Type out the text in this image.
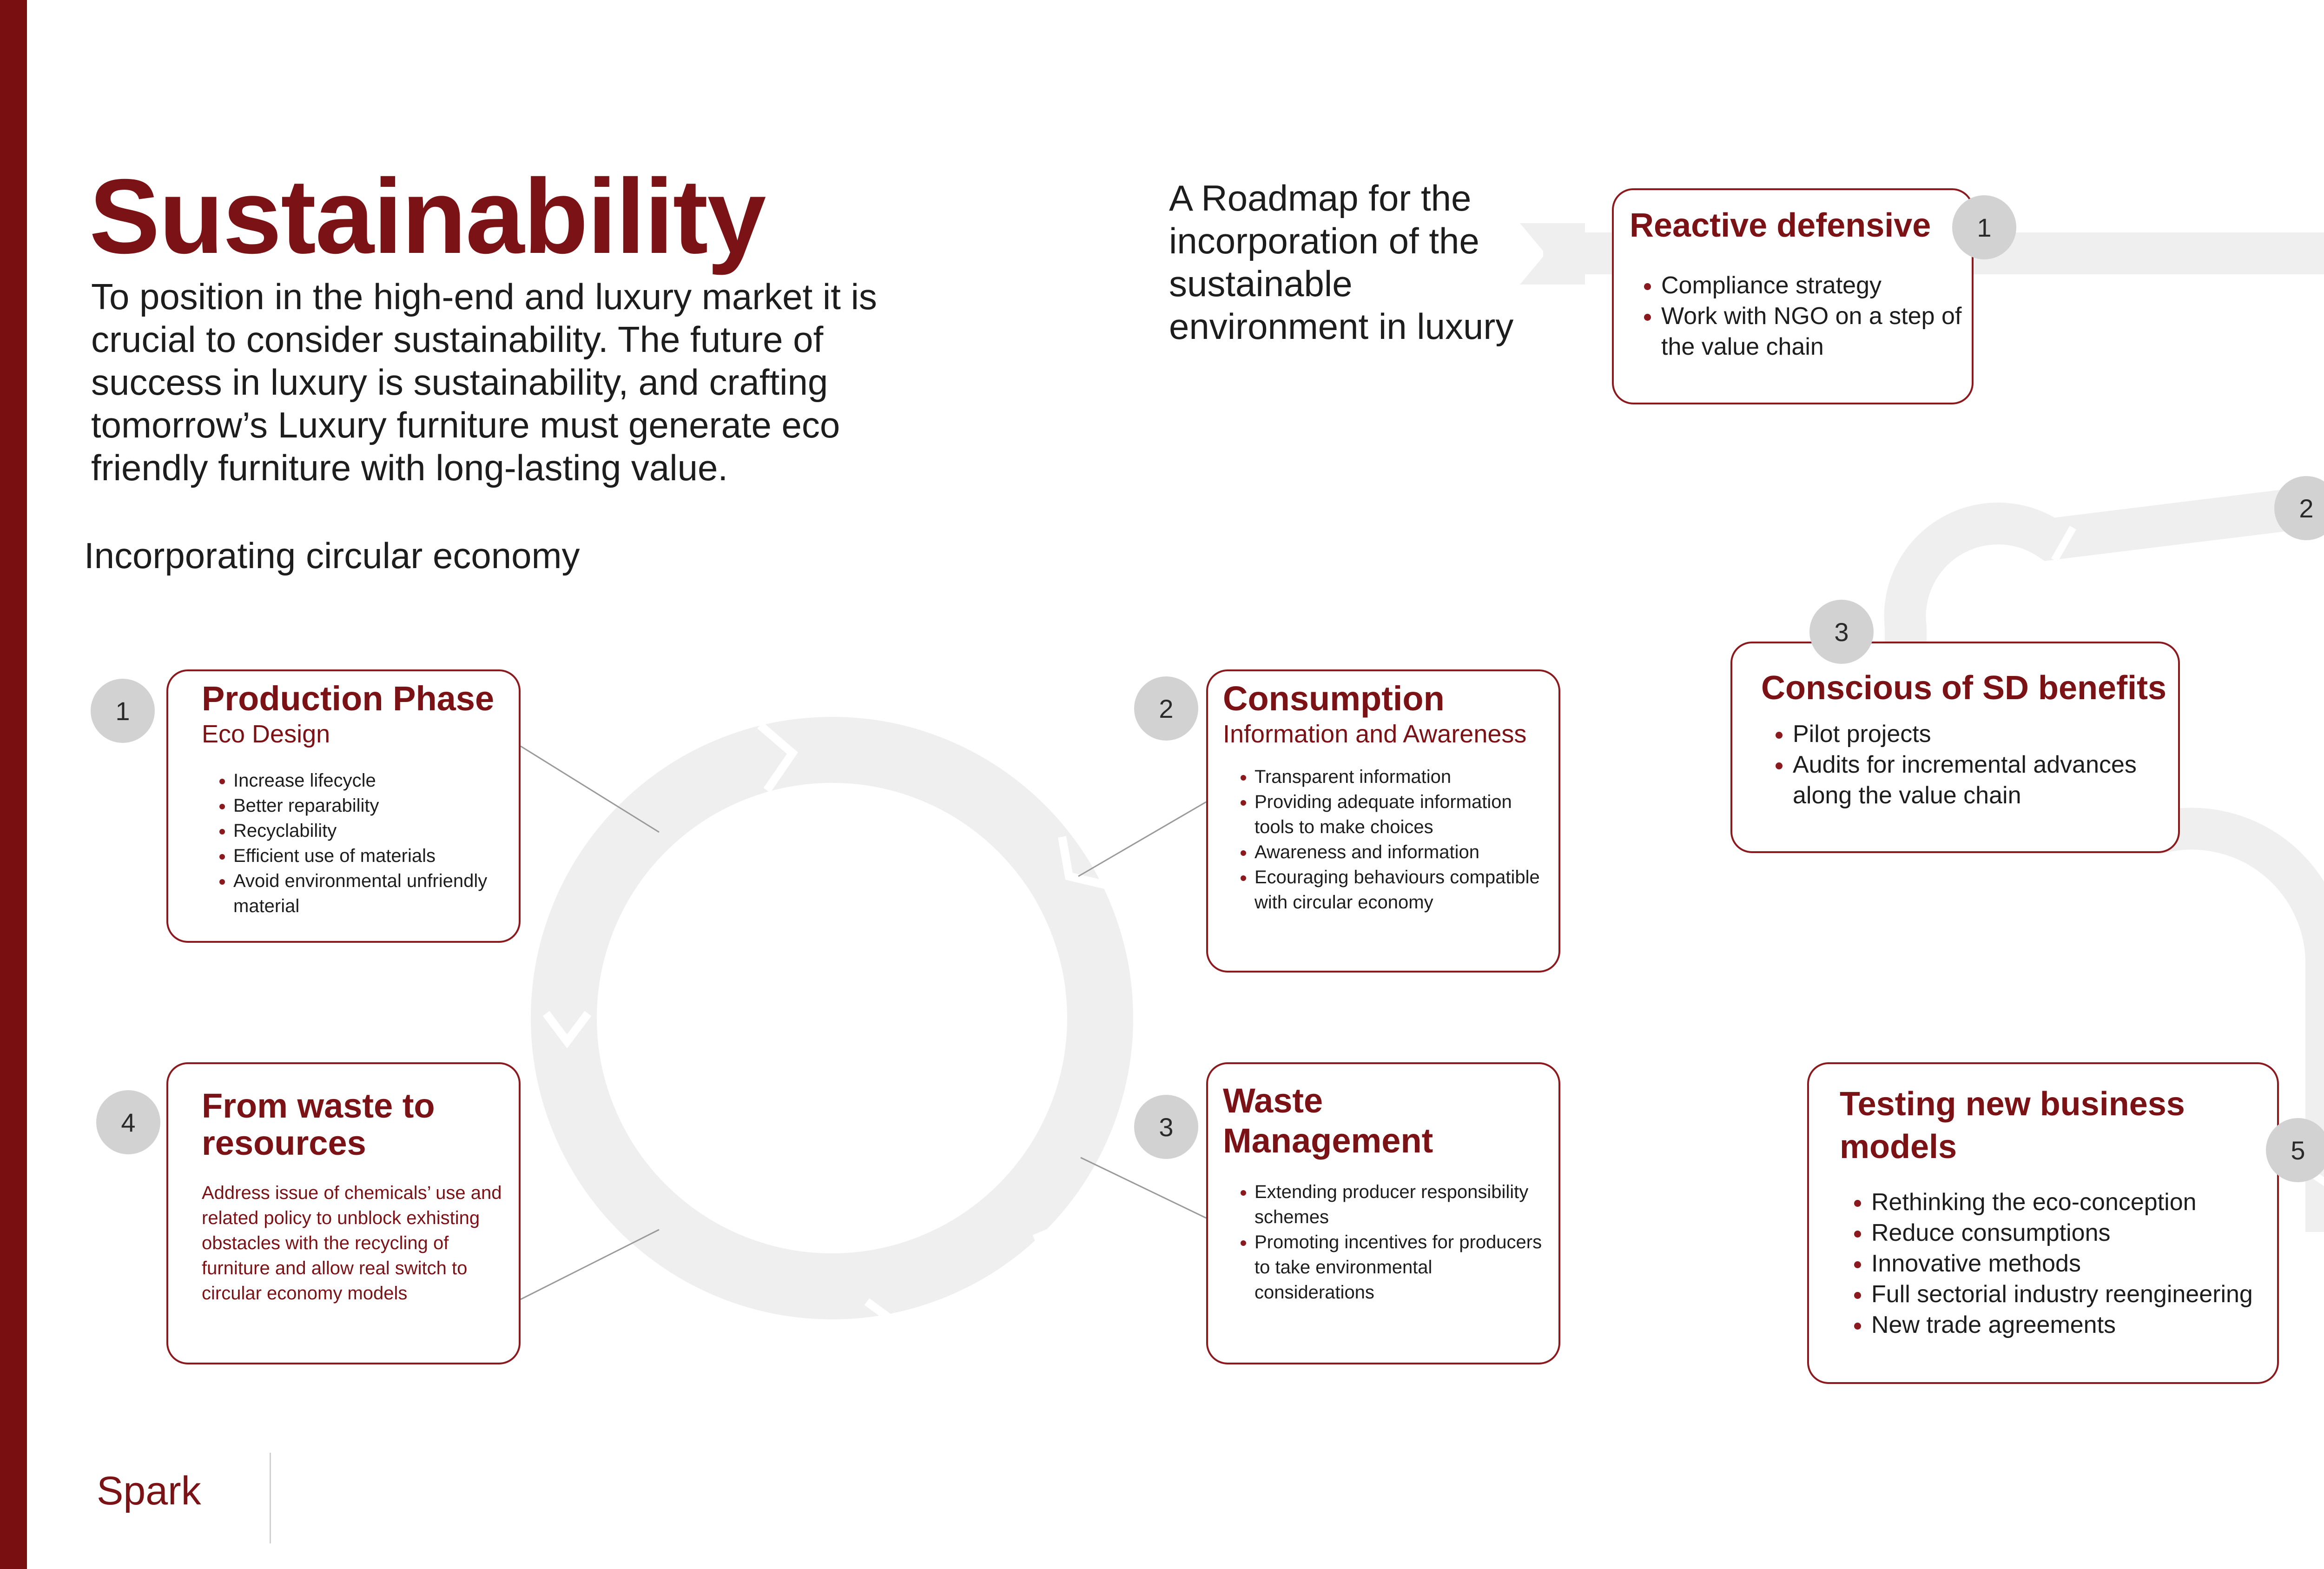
Sustainability

To position in the high-end and luxury market it is crucial to consider sustainability. The future of success in luxury is sustainability, and crafting tomorrow’s Luxury furniture must generate eco friendly furniture with long-lasting value.

Incorporating circular economy

A Roadmap for the incorporation of the sustainable environment in luxury

1	Production Phase

Eco Design

• Increase lifecycle
• Better reparability
• Recyclability
• Efficient use of materials
• Avoid environmental unfriendly material
2	Consumption

Information and Awareness

• Transparent information
• Providing adequate information tools to make choices
• Awareness and information
• Ecouraging behaviours compatible with circular economy
3
Waste Management
• Extending producer responsibility schemes
• Promoting incentives for producers to take environmental considerations
4	From waste to resources

Address issue of chemicals’ use and related policy to unblock exhisting obstacles with the recycling of furniture and allow real switch to circular economy models

Reactive defensive
• Compliance strategy
• Work with NGO on a step of the value chain
1

2
Conscious of SD benefits
• Pilot projects
• Audits for incremental advances along the value chain
3
Testing new business models
• Rethinking the eco-conception
• Reduce consumptions
• Innovative methods
• Full sectorial industry reengineering
• New trade agreements
5

Spark
